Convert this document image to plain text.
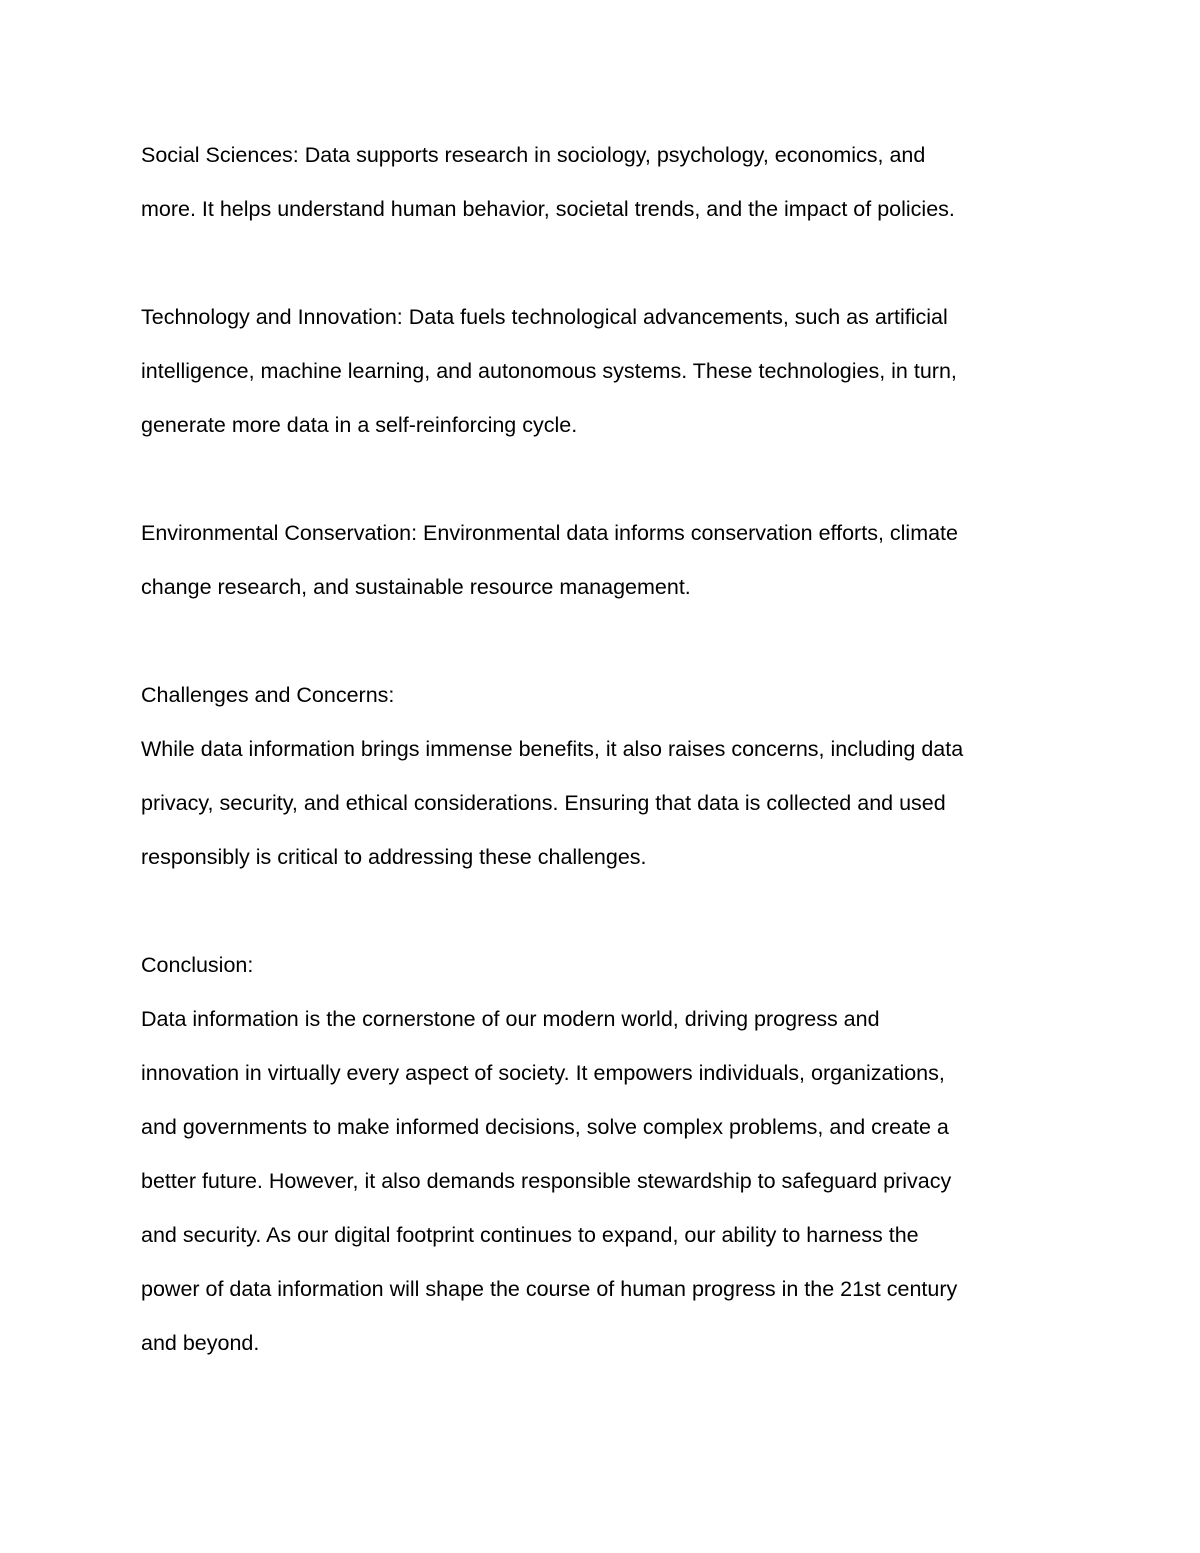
Social Sciences: Data supports research in sociology, psychology, economics, and
more. It helps understand human behavior, societal trends, and the impact of policies.

Technology and Innovation: Data fuels technological advancements, such as artificial
intelligence, machine learning, and autonomous systems. These technologies, in turn,
generate more data in a self-reinforcing cycle.

Environmental Conservation: Environmental data informs conservation efforts, climate
change research, and sustainable resource management.

Challenges and Concerns:

While data information brings immense benefits, it also raises concerns, including data
privacy, security, and ethical considerations. Ensuring that data is collected and used
responsibly is critical to addressing these challenges.

Conclusion:

Data information is the cornerstone of our modern world, driving progress and
innovation in virtually every aspect of society. It empowers individuals, organizations,
and governments to make informed decisions, solve complex problems, and create a
better future. However, it also demands responsible stewardship to safeguard privacy
and security. As our digital footprint continues to expand, our ability to harness the
power of data information will shape the course of human progress in the 21st century
and beyond.
